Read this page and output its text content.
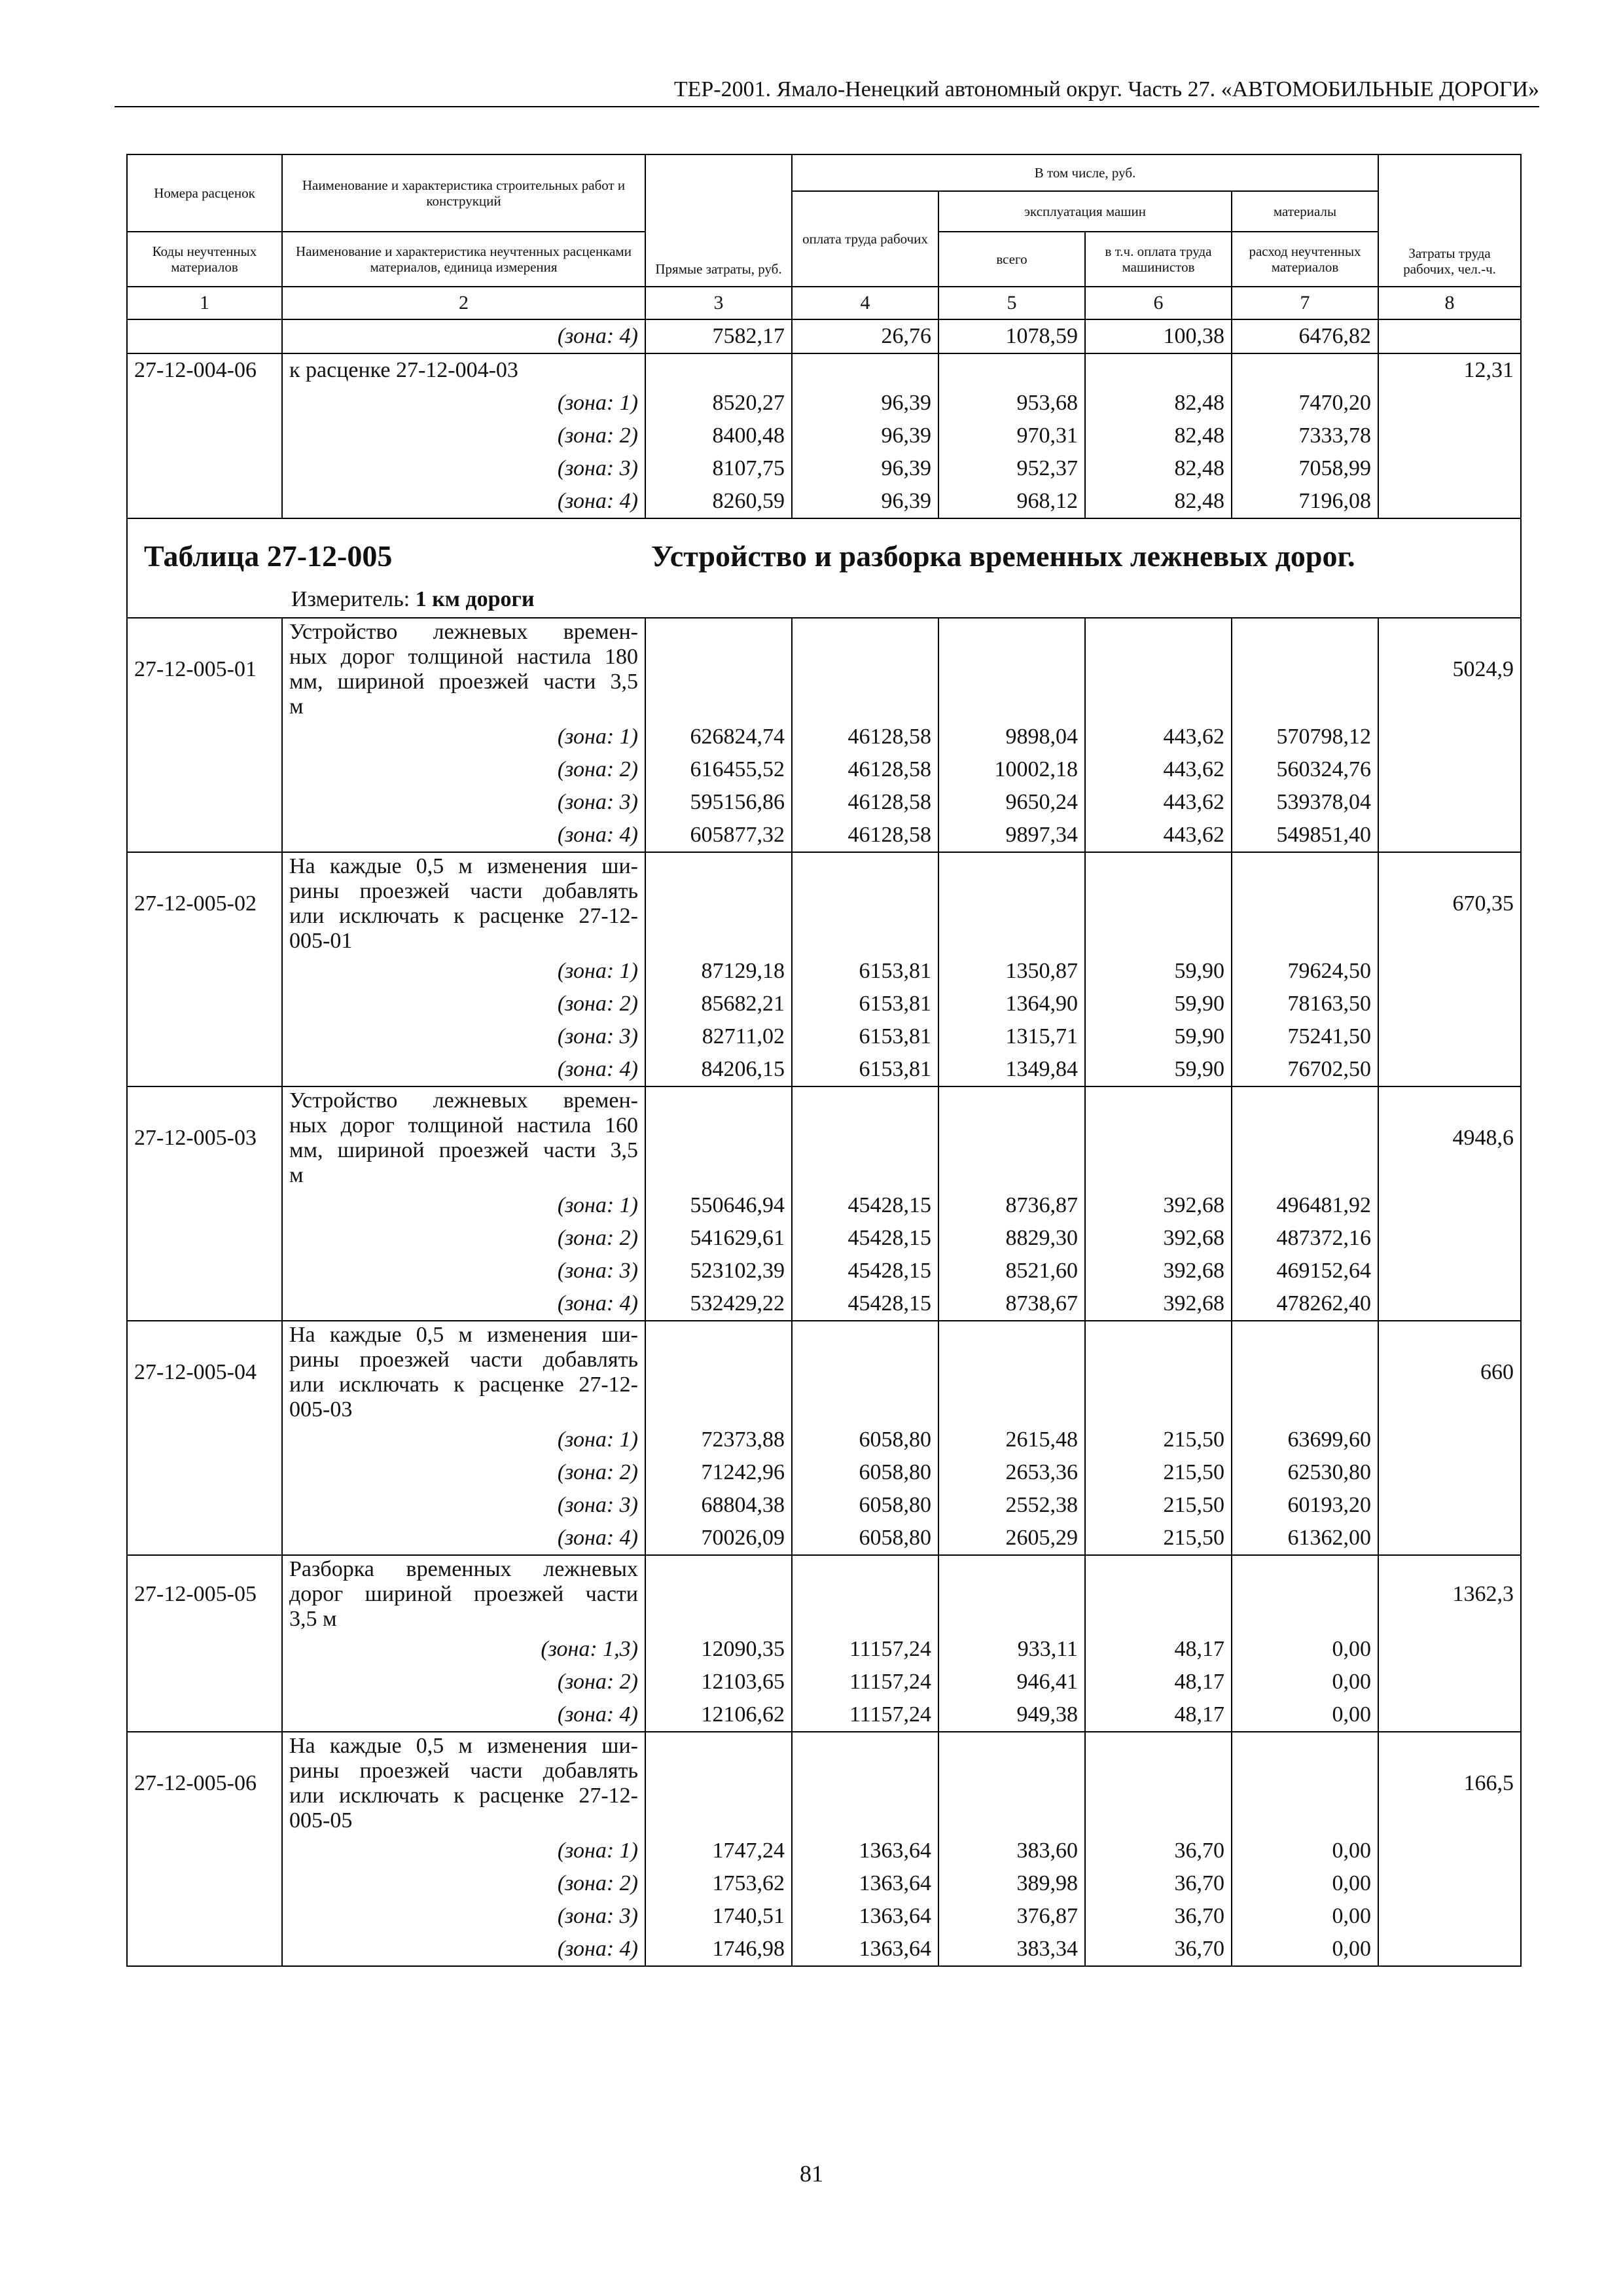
ТЕР-2001. Ямало-Ненецкий автономный округ. Часть 27. «АВТОМОБИЛЬНЫЕ ДОРОГИ»
Номера расценок	Наименование и характеристика строительных работ и конструкций	Прямые затраты, руб.	В том числе, руб.				Затраты труда рабочих, чел.-ч.
			оплата труда рабочих	эксплуатация машин		материалы	
Коды неучтенных материалов	Наименование и характеристика неучтенных расценками материалов, единица измерения			всего	в т.ч. оплата труда машинистов	расход неучтенных материалов	

1	2	3	4	5	6	7	8
	(зона: 4)	7582,17	26,76	1078,59	100,38	6476,82	
27-12-004-06	к расценке 27-12-004-03						12,31
	(зона: 1)	8520,27	96,39	953,68	82,48	7470,20	
	(зона: 2)	8400,48	96,39	970,31	82,48	7333,78	
	(зона: 3)	8107,75	96,39	952,37	82,48	7058,99	
	(зона: 4)	8260,59	96,39	968,12	82,48	7196,08	

Таблица 27-12-005 Устройство и разборка временных лежневых дорог.
Измеритель: 1 км дороги							

27-12-005-01	Устройство лежневых времен-
ных дорог толщиной настила 180
мм, шириной проезжей части 3,5
м						5024,9
	(зона: 1)	626824,74	46128,58	9898,04	443,62	570798,12	
	(зона: 2)	616455,52	46128,58	10002,18	443,62	560324,76	
	(зона: 3)	595156,86	46128,58	9650,24	443,62	539378,04	
	(зона: 4)	605877,32	46128,58	9897,34	443,62	549851,40	
27-12-005-02	На каждые 0,5 м изменения ши-
рины проезжей части добавлять
или исключать к расценке 27-12-
005-01						670,35
	(зона: 1)	87129,18	6153,81	1350,87	59,90	79624,50	
	(зона: 2)	85682,21	6153,81	1364,90	59,90	78163,50	
	(зона: 3)	82711,02	6153,81	1315,71	59,90	75241,50	
	(зона: 4)	84206,15	6153,81	1349,84	59,90	76702,50	
27-12-005-03	Устройство лежневых времен-
ных дорог толщиной настила 160
мм, шириной проезжей части 3,5
м						4948,6
	(зона: 1)	550646,94	45428,15	8736,87	392,68	496481,92	
	(зона: 2)	541629,61	45428,15	8829,30	392,68	487372,16	
	(зона: 3)	523102,39	45428,15	8521,60	392,68	469152,64	
	(зона: 4)	532429,22	45428,15	8738,67	392,68	478262,40	
27-12-005-04	На каждые 0,5 м изменения ши-
рины проезжей части добавлять
или исключать к расценке 27-12-
005-03						660
	(зона: 1)	72373,88	6058,80	2615,48	215,50	63699,60	
	(зона: 2)	71242,96	6058,80	2653,36	215,50	62530,80	
	(зона: 3)	68804,38	6058,80	2552,38	215,50	60193,20	
	(зона: 4)	70026,09	6058,80	2605,29	215,50	61362,00	
27-12-005-05	Разборка временных лежневых
дорог шириной проезжей части
3,5 м						1362,3
	(зона: 1,3)	12090,35	11157,24	933,11	48,17	0,00	
	(зона: 2)	12103,65	11157,24	946,41	48,17	0,00	
	(зона: 4)	12106,62	11157,24	949,38	48,17	0,00	
27-12-005-06	На каждые 0,5 м изменения ши-
рины проезжей части добавлять
или исключать к расценке 27-12-
005-05						166,5
	(зона: 1)	1747,24	1363,64	383,60	36,70	0,00	
	(зона: 2)	1753,62	1363,64	389,98	36,70	0,00	
	(зона: 3)	1740,51	1363,64	376,87	36,70	0,00	
	(зона: 4)	1746,98	1363,64	383,34	36,70	0,00	
81
